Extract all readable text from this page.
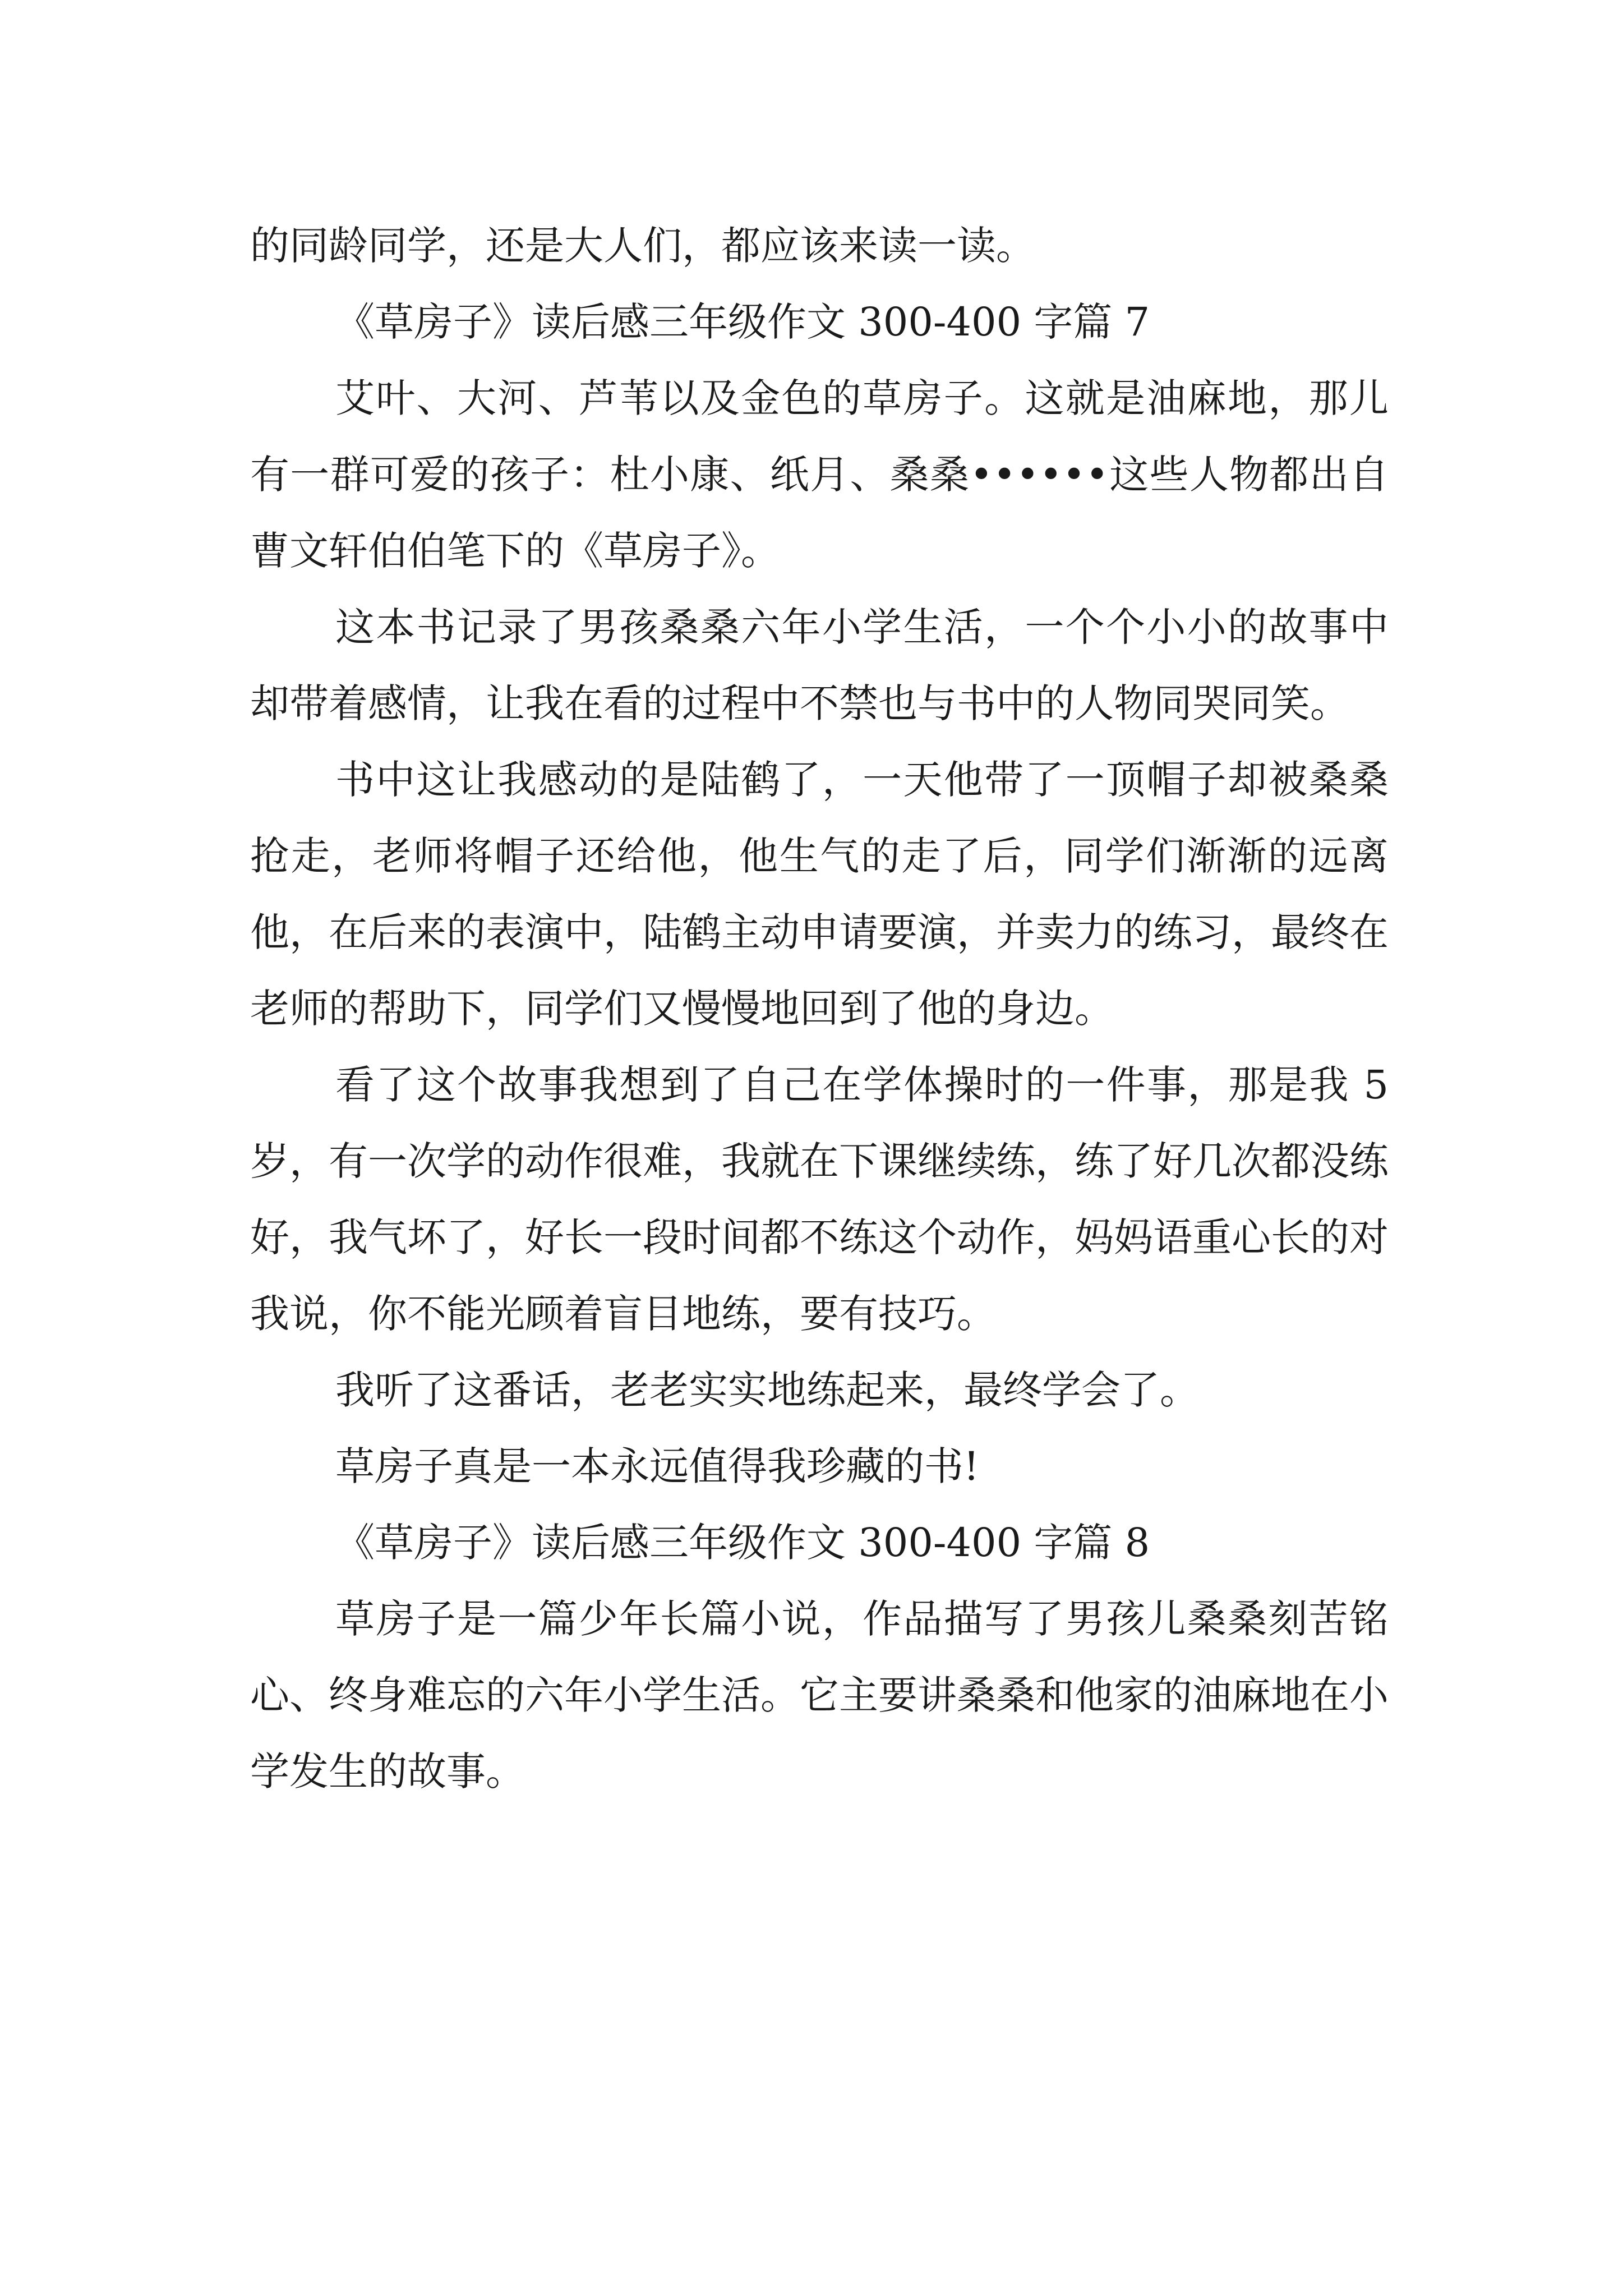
的同龄同学，还是大人们，都应该来读一读。

《草房子》读后感三年级作文 300-400 字篇 7

艾叶、大河、芦苇以及金色的草房子。这就是油麻地，那儿有一群可爱的孩子：杜小康、纸月、桑桑••••••这些人物都出自曹文轩伯伯笔下的《草房子》。

这本书记录了男孩桑桑六年小学生活，一个个小小的故事中却带着感情，让我在看的过程中不禁也与书中的人物同哭同笑。

书中这让我感动的是陆鹤了，一天他带了一顶帽子却被桑桑抢走，老师将帽子还给他，他生气的走了后，同学们渐渐的远离他，在后来的表演中，陆鹤主动申请要演，并卖力的练习，最终在老师的帮助下，同学们又慢慢地回到了他的身边。

看了这个故事我想到了自己在学体操时的一件事，那是我 5 岁，有一次学的动作很难，我就在下课继续练，练了好几次都没练好，我气坏了，好长一段时间都不练这个动作，妈妈语重心长的对我说，你不能光顾着盲目地练，要有技巧。

我听了这番话，老老实实地练起来，最终学会了。

草房子真是一本永远值得我珍藏的书!

《草房子》读后感三年级作文 300-400 字篇 8

草房子是一篇少年长篇小说，作品描写了男孩儿桑桑刻苦铭心、终身难忘的六年小学生活。它主要讲桑桑和他家的油麻地在小学发生的故事。
